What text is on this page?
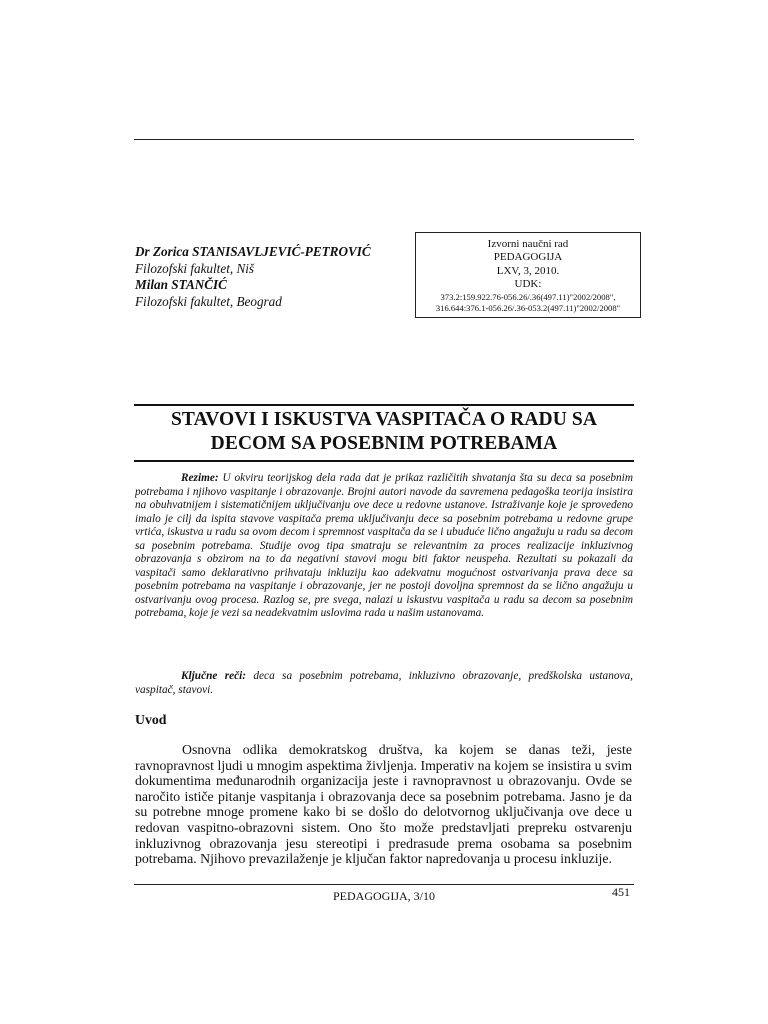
Dr Zorica STANISAVLJEVIĆ-PETROVIĆ
Filozofski fakultet, Niš
Milan STANČIĆ
Filozofski fakultet, Beograd
Izvorni naučni rad
PEDAGOGIJA
LXV, 3, 2010.
UDK:
373.2:159.922.76-056.26/.36(497.11)"2002/2008",
316.644:376.1-056.26/.36-053.2(497.11)"2002/2008"
STAVOVI I ISKUSTVA VASPITAČA O RADU SA
DECOM SA POSEBNIM POTREBAMA
Rezime: U okviru teorijskog dela rada dat je prikaz različitih shvatanja šta su deca sa posebnim potrebama i njihovo vaspitanje i obrazovanje. Brojni autori navode da savremena pedagoška teorija insistira na obuhvatnijem i sistematičnijem uključivanju ove dece u redovne ustanove. Istraživanje koje je sprovedeno imalo je cilj da ispita stavove vaspitača prema uključivanju dece sa posebnim potrebama u redovne grupe vrtića, iskustva u radu sa ovom decom i spremnost vaspitača da se i ubuduće lično angažuju u radu sa decom sa posebnim potrebama. Studije ovog tipa smatraju se relevantnim za proces realizacije inkluzivnog obrazovanja s obzirom na to da negativni stavovi mogu biti faktor neuspeha. Rezultati su pokazali da vaspitači samo deklarativno prihvataju inkluziju kao adekvatnu mogućnost ostvarivanja prava dece sa posebnim potrebama na vaspitanje i obrazovanje, jer ne postoji dovoljna spremnost da se lično angažuju u ostvarivanju ovog procesa. Razlog se, pre svega, nalazi u iskustvu vaspitača u radu sa decom sa posebnim potrebama, koje je vezi sa neadekvatnim uslovima rada u našim ustanovama.
Ključne reči: deca sa posebnim potrebama, inkluzivno obrazovanje, predškolska ustanova, vaspitač, stavovi.
Uvod
Osnovna odlika demokratskog društva, ka kojem se danas teži, jeste ravnopravnost ljudi u mnogim aspektima življenja. Imperativ na kojem se insistira u svim dokumentima međunarodnih organizacija jeste i ravnopravnost u obrazovanju. Ovde se naročito ističe pitanje vaspitanja i obrazovanja dece sa posebnim potrebama. Jasno je da su potrebne mnoge promene kako bi se došlo do delotvornog uključivanja ove dece u redovan vaspitno-obrazovni sistem. Ono što može predstavljati prepreku ostvarenju inkluzivnog obrazovanja jesu stereotipi i predrasude prema osobama sa posebnim potrebama. Njihovo prevazilaženje je ključan faktor napredovanja u procesu inkluzije.
PEDAGOGIJA, 3/10	451
